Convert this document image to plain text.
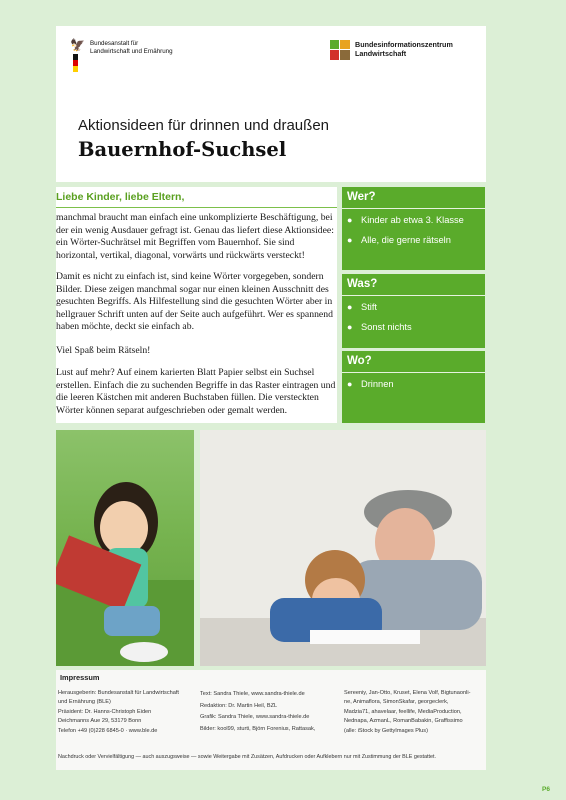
🦅 Bundesanstalt für
Landwirtschaft und Ernährung
Bundesinformationszentrum
Landwirtschaft
Aktionsideen für drinnen und draußen
Bauernhof-Suchsel
Liebe Kinder, liebe Eltern,

manchmal braucht man einfach eine unkomplizierte Beschäftigung, bei der ein wenig Ausdauer gefragt ist. Genau das liefert diese Aktionsidee: ein Wörter-Suchrätsel mit Begriffen vom Bauernhof. Sie sind horizontal, vertikal, diagonal, vorwärts und rückwärts versteckt!

Damit es nicht zu einfach ist, sind keine Wörter vorgegeben, sondern Bilder. Diese zeigen manchmal sogar nur einen kleinen Ausschnitt des gesuchten Begriffs. Als Hilfestellung sind die gesuchten Wörter aber in hellgrauer Schrift unten auf der Seite auch aufgeführt. Wer es spannend haben möchte, deckt sie einfach ab.

Viel Spaß beim Rätseln!

Lust auf mehr? Auf einem karierten Blatt Papier selbst ein Suchsel erstellen. Einfach die zu suchenden Begriffe in das Raster eintragen und die leeren Kästchen mit anderen Buchstaben füllen. Die versteckten Wörter können separat aufgeschrieben oder gemalt werden.

Wer?
● Kinder ab etwa 3. Klasse
● Alle, die gerne rätseln
Was?
● Stift
● Sonst nichts
Wo?
● Drinnen
Impressum
Herausgeberin: Bundesanstalt für Landwirtschaft
und Ernährung (BLE)
Präsident: Dr. Hanns-Christoph Eiden
Deichmanns Aue 29, 53179 Bonn
Telefon +49 (0)228 6845-0 · www.ble.de
Text: Sandra Thiele, www.sandra-thiele.de
Redaktion: Dr. Martin Heil, BZL
Grafik: Sandra Thiele, www.sandra-thiele.de
Bilder: kool99, sturti, Björn Forenius, Rattasak,
Sereeniy, Jan-Otto, Kruset, Elena Volf, Bigtunaonli-
ne, Animaflora, SimonSkafar, georgeclerk,
Madzia71, ahavelaar, feellife, MediaProduction,
Nednapa, AzmanL, RomanBabakin, Graffissimo
(alle: iStock by GettyImages Plus)
Nachdruck oder Vervielfältigung — auch auszugsweise — sowie Weitergabe mit Zusätzen, Aufdrucken oder Aufklebern nur mit Zustimmung der BLE gestattet.
P6
